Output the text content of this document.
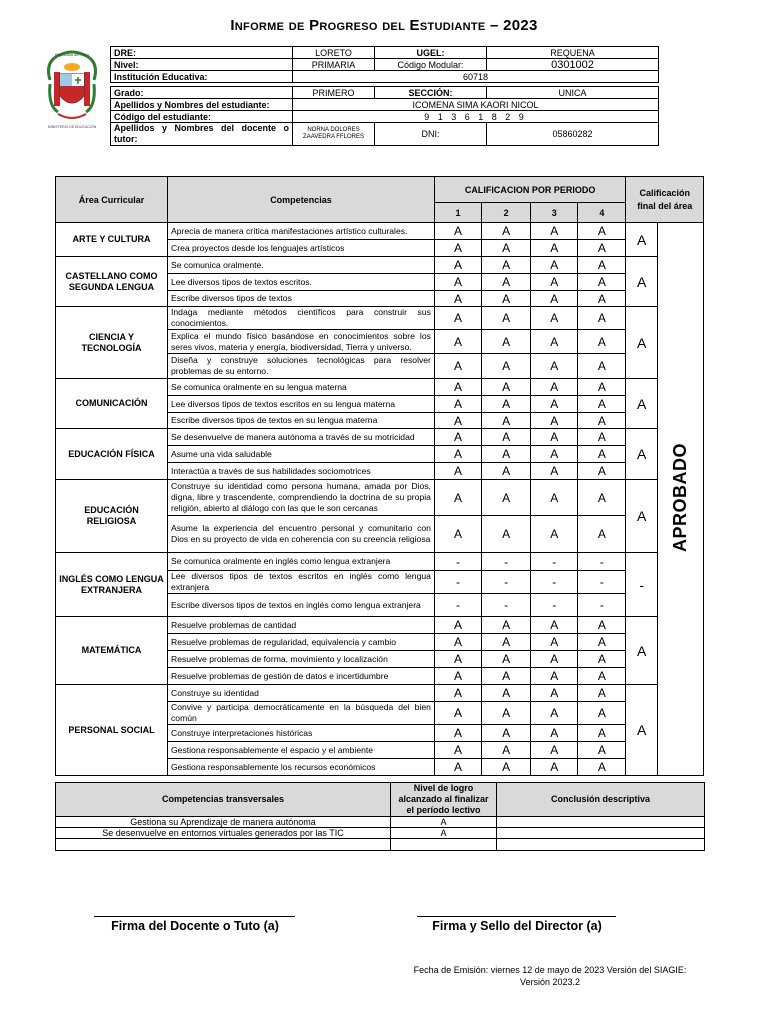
Informe de Progreso del Estudiante – 2023
República del Perú
MINISTERIO DE EDUCACIÓN
DRE:	LORETO	UGEL:	REQUENA
Nivel:	PRIMARIA	Código Modular:	0301002
Institución Educativa:	60718		

Grado:	PRIMERO	SECCIÓN:	UNICA
Apellidos y Nombres del estudiante:	ICOMENA SIMA KAORI NICOL		
Código del estudiante:	9 1 3 6 1 8 2 9		
Apellidos y Nombres del docente o tutor:	NORNA DOLORES ZAAVEDRA FFLORES	DNI:	05860282
Área Curricular	Competencias	CALIFICACION POR PERIODO				Calificación final del área	
		1	2	3	4		
ARTE Y CULTURA	Aprecia de manera crítica manifestaciones artístico culturales.	A	A	A	A	A	APROBADO
	Crea proyectos desde los lenguajes artísticos	A	A	A	A		
CASTELLANO COMO SEGUNDA LENGUA	Se comunica oralmente.	A	A	A	A	A	
	Lee diversos tipos de textos escritos.	A	A	A	A		
	Escribe diversos tipos de textos	A	A	A	A		
CIENCIA Y TECNOLOGÍA	Indaga mediante métodos científicos para construir sus conocimientos.	A	A	A	A	A	
	Explica el mundo físico basándose en conocimientos sobre los seres vivos, materia y energía, biodiversidad, Tierra y universo.	A	A	A	A		
	Diseña y construye soluciones tecnológicas para resolver problemas de su entorno.	A	A	A	A		
COMUNICACIÓN	Se comunica oralmente en su lengua materna	A	A	A	A	A	
	Lee diversos tipos de textos escritos en su lengua materna	A	A	A	A		
	Escribe diversos tipos de textos en su lengua materna	A	A	A	A		
EDUCACIÓN FÍSICA	Se desenvuelve de manera autónoma a través de su motricidad	A	A	A	A	A	
	Asume una vida saludable	A	A	A	A		
	Interactúa a través de sus habilidades sociomotrices	A	A	A	A		
EDUCACIÓN RELIGIOSA	Construye su identidad como persona humana, amada por Dios, digna, libre y trascendente, comprendiendo la doctrina de su propia religión, abierto al diálogo con las que le son cercanas	A	A	A	A	A	
	Asume la experiencia del encuentro personal y comunitario con Dios en su proyecto de vida en coherencia con su creencia religiosa	A	A	A	A		
INGLÉS COMO LENGUA EXTRANJERA	Se comunica oralmente en inglés como lengua extranjera	-	-	-	-	-	
	Lee diversos tipos de textos escritos en inglés como lengua extranjera	-	-	-	-		
	Escribe diversos tipos de textos en inglés como lengua extranjera	-	-	-	-		
MATEMÁTICA	Resuelve problemas de cantidad	A	A	A	A	A	
	Resuelve problemas de regularidad, equivalencia y cambio	A	A	A	A		
	Resuelve problemas de forma, movimiento y localización	A	A	A	A		
	Resuelve problemas de gestión de datos e incertidumbre	A	A	A	A		
PERSONAL SOCIAL	Construye su identidad	A	A	A	A	A	
	Convive y participa democráticamente en la búsqueda del bien común	A	A	A	A		
	Construye interpretaciones históricas	A	A	A	A		
	Gestiona responsablemente el espacio y el ambiente	A	A	A	A		
	Gestiona responsablemente los recursos económicos	A	A	A	A		
Competencias transversales	Nivel de logro alcanzado al finalizar el período lectivo	Conclusión descriptiva
Gestiona su Aprendizaje de manera autónoma	A	
Se desenvuelve en entornos virtuales generados por las TIC	A	

Firma del Docente o Tuto (a)	Firma y Sello del Director (a)
Fecha de Emisión: viernes 12 de mayo de 2023 Versión del SIAGIE:
Versión 2023.2
